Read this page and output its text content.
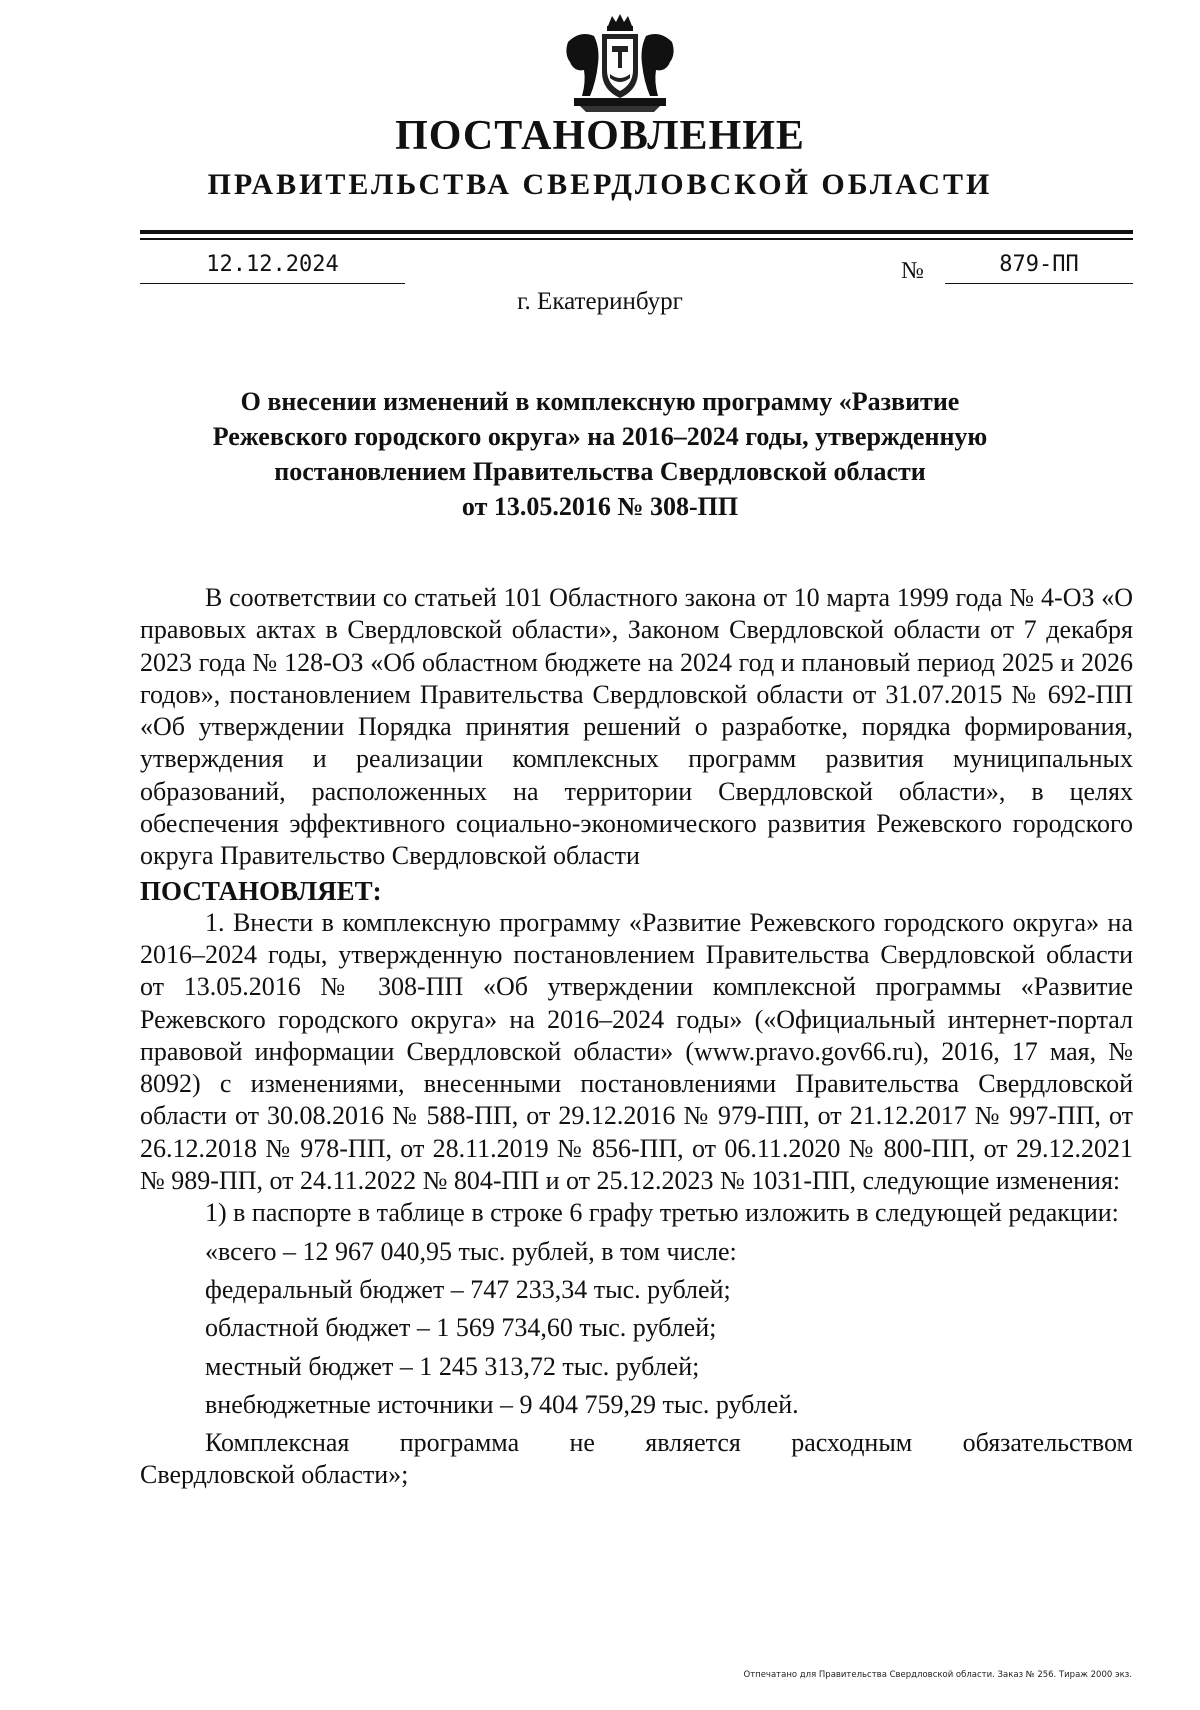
ПОСТАНОВЛЕНИЕ
ПРАВИТЕЛЬСТВА СВЕРДЛОВСКОЙ ОБЛАСТИ
12.12.2024	№	879-ПП
г. Екатеринбург
О внесении изменений в комплексную программу «Развитие
Режевского городского округа» на 2016–2024 годы, утвержденную
постановлением Правительства Свердловской области
от 13.05.2016 № 308-ПП

В соответствии со статьей 101 Областного закона от 10 марта 1999 года № 4-ОЗ «О правовых актах в Свердловской области», Законом Свердловской области от 7 декабря 2023 года № 128-ОЗ «Об областном бюджете на 2024 год и плановый период 2025 и 2026 годов», постановлением Правительства Свердловской области от 31.07.2015 № 692-ПП «Об утверждении Порядка принятия решений о разработке, порядка формирования, утверждения и реализации комплексных программ развития муниципальных образований, расположенных на территории Свердловской области», в целях обеспечения эффективного социально-экономического развития Режевского городского округа Правительство Свердловской области

ПОСТАНОВЛЯЕТ:

1. Внести в комплексную программу «Развитие Режевского городского округа» на 2016–2024 годы, утвержденную постановлением Правительства Свердловской области от 13.05.2016 № 308-ПП «Об утверждении комплексной программы «Развитие Режевского городского округа» на 2016–2024 годы» («Официальный интернет-портал правовой информации Свердловской области» (www.pravo.gov66.ru), 2016, 17 мая, № 8092) с изменениями, внесенными постановлениями Правительства Свердловской области от 30.08.2016 № 588-ПП, от 29.12.2016 № 979-ПП, от 21.12.2017 № 997-ПП, от 26.12.2018 № 978-ПП, от 28.11.2019 № 856-ПП, от 06.11.2020 № 800-ПП, от 29.12.2021 № 989-ПП, от 24.11.2022 № 804-ПП и от 25.12.2023 № 1031-ПП, следующие изменения:

1) в паспорте в таблице в строке 6 графу третью изложить в следующей редакции:

«всего – 12 967 040,95 тыс. рублей, в том числе:

федеральный бюджет – 747 233,34 тыс. рублей;

областной бюджет – 1 569 734,60 тыс. рублей;

местный бюджет – 1 245 313,72 тыс. рублей;

внебюджетные источники – 9 404 759,29 тыс. рублей.

Комплексная программа не является расходным обязательством

Свердловской области»;

Отпечатано для Правительства Свердловской области. Заказ № 256. Тираж 2000 экз.
